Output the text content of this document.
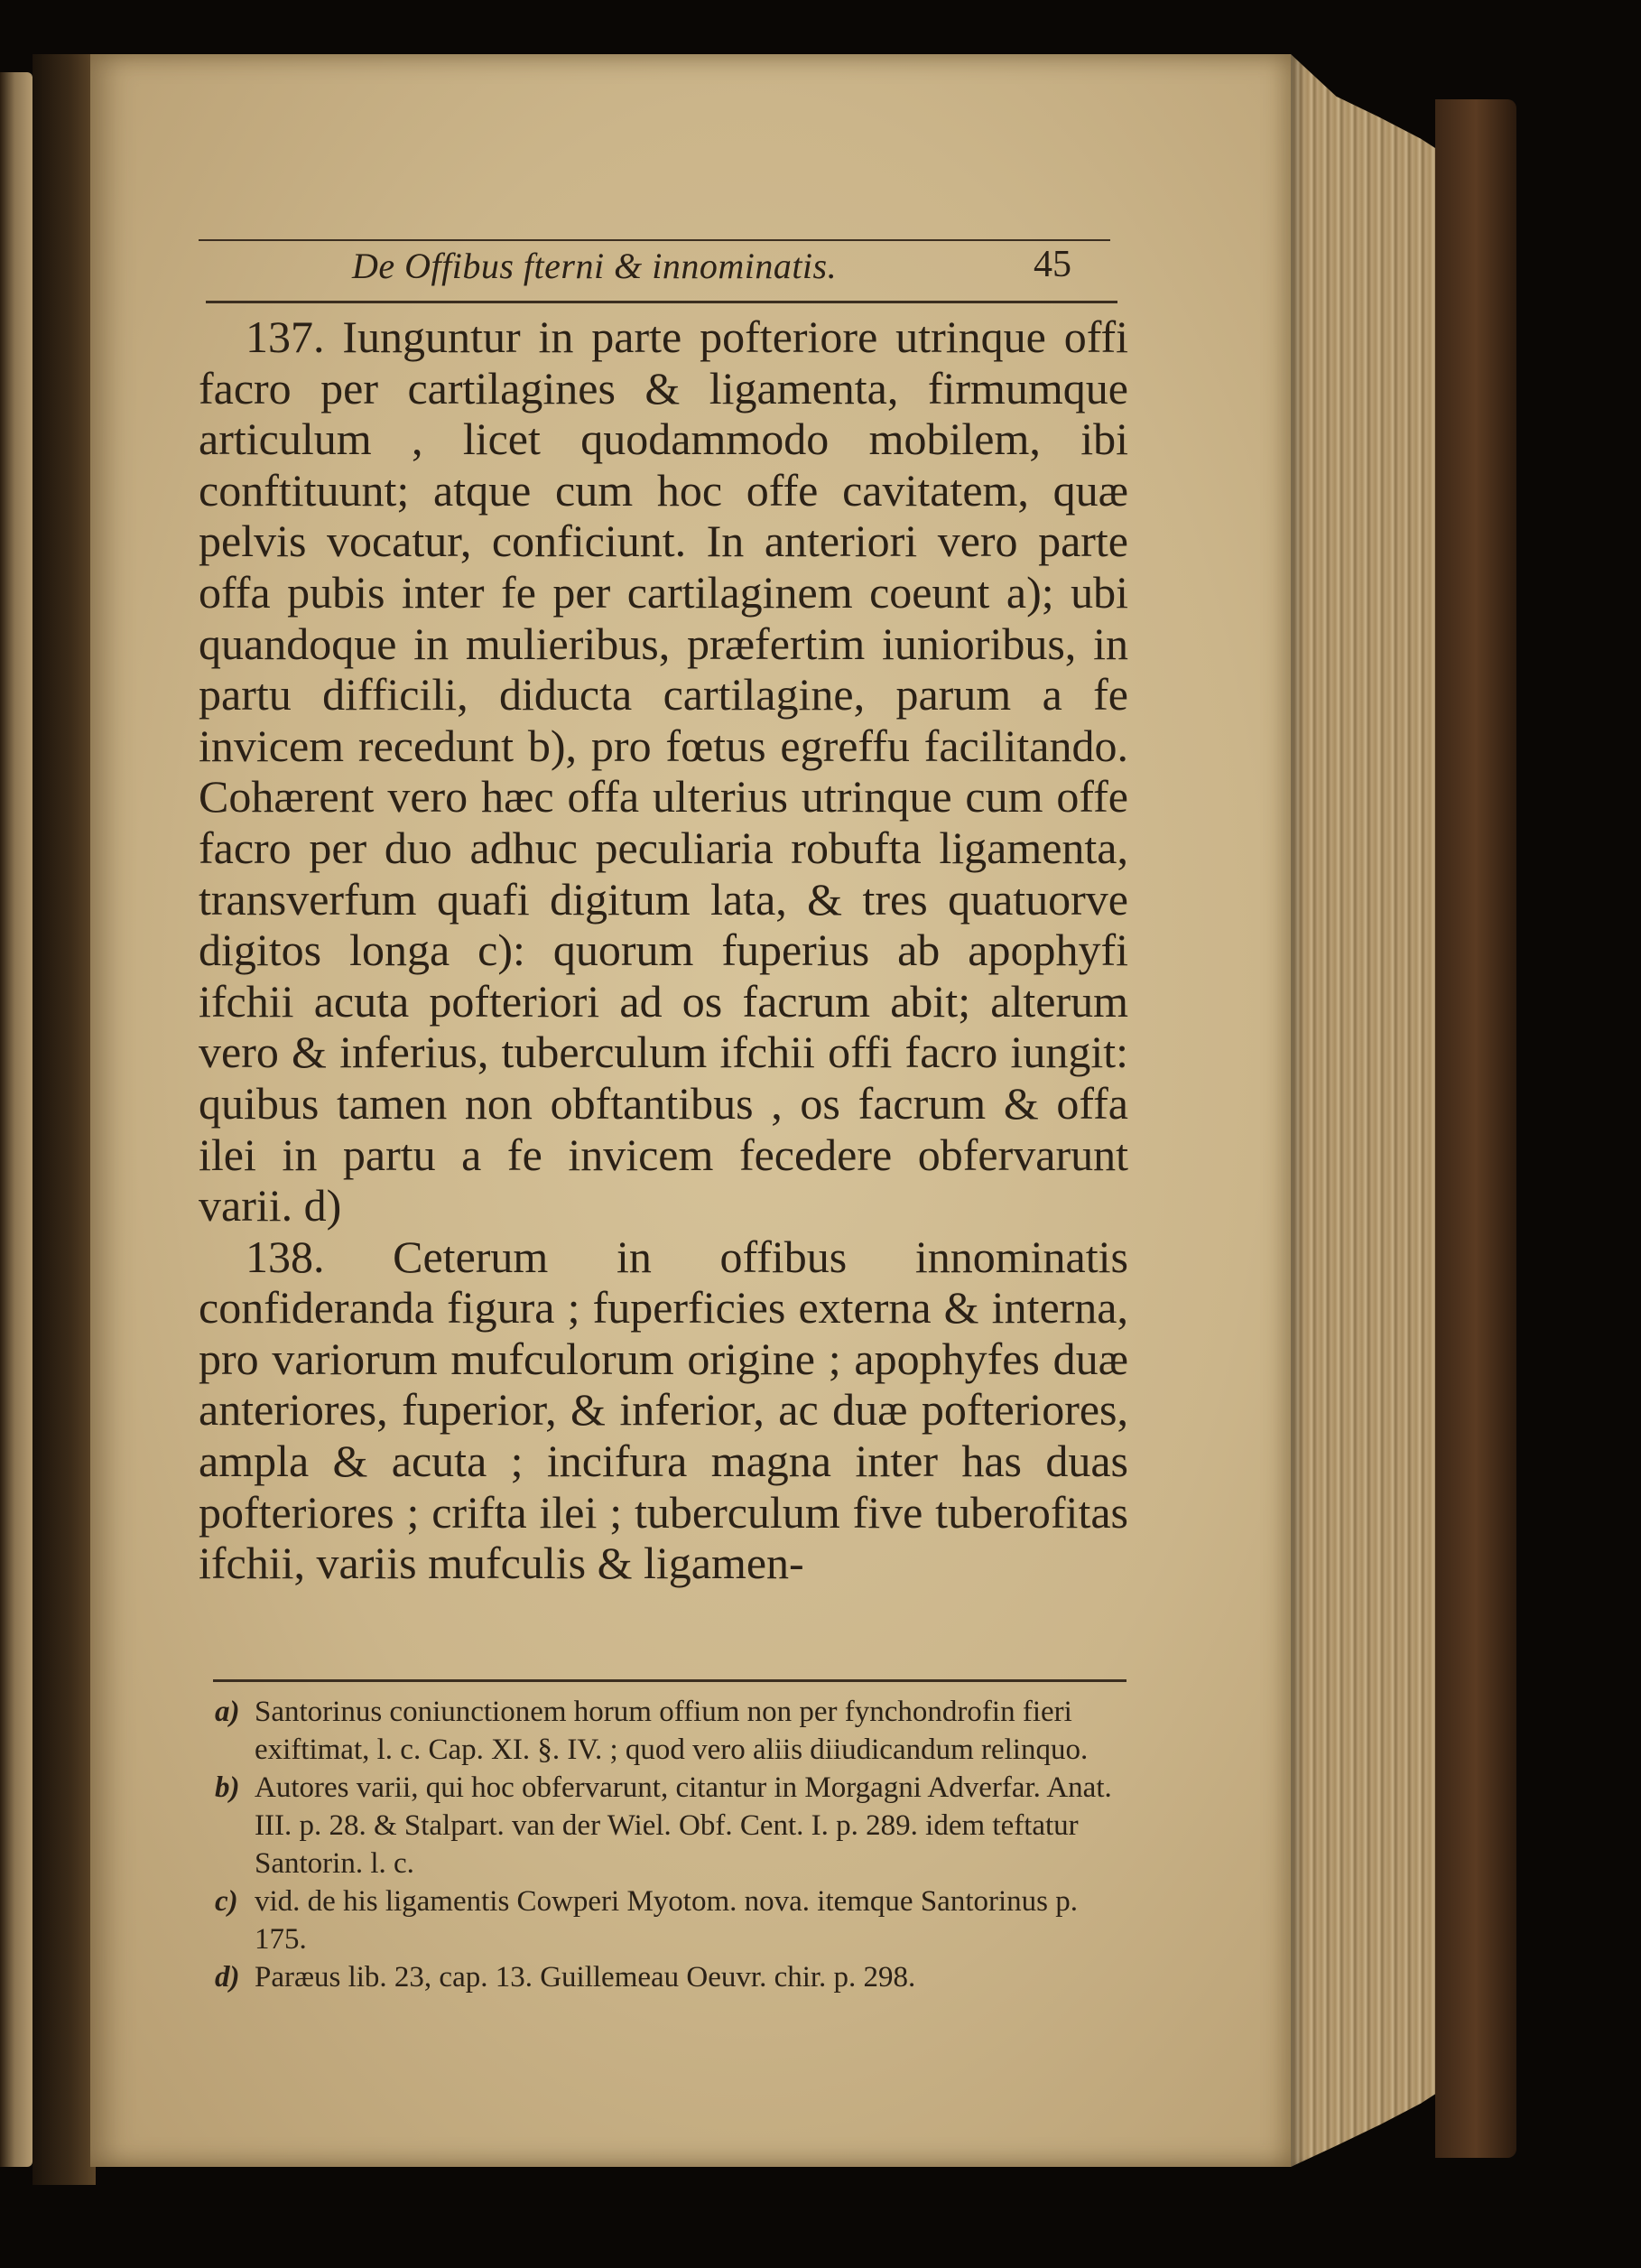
De Offibus fterni & innominatis.	45

137. Iunguntur in parte pofteriore utrinque offi facro per cartilagines & ligamenta, firmumque articulum , licet quodammodo mobilem, ibi conftituunt; atque cum hoc offe cavitatem, quæ pelvis vocatur, conficiunt. In anteriori vero parte offa pubis inter fe per cartilaginem coeunt a); ubi quandoque in mulieribus, præfertim iunioribus, in partu difficili, diducta cartilagine, parum a fe invicem recedunt b), pro fœtus egreffu facilitando. Cohærent vero hæc offa ulterius utrinque cum offe facro per duo adhuc peculiaria robufta ligamenta, transverfum quafi digitum lata, & tres quatuorve digitos longa c): quorum fuperius ab apophyfi ifchii acuta pofteriori ad os facrum abit; alterum vero & inferius, tuberculum ifchii offi facro iungit: quibus tamen non obftantibus , os facrum & offa ilei in partu a fe invicem fecedere obfervarunt varii. d)

138. Ceterum in offibus innominatis confideranda figura ; fuperficies externa & interna, pro variorum mufculorum origine ; apophyfes duæ anteriores, fuperior, & inferior, ac duæ pofteriores, ampla & acuta ; incifura magna inter has duas pofteriores ; crifta ilei ; tuberculum five tuberofitas ifchii, variis mufculis & ligamen-

a) Santorinus coniunctionem horum offium non per fynchondrofin fieri exiftimat, l. c. Cap. XI. §. IV. ; quod vero aliis diiudicandum relinquo.

b) Autores varii, qui hoc obfervarunt, citantur in Morgagni Adverfar. Anat. III. p. 28. & Stalpart. van der Wiel. Obf. Cent. I. p. 289. idem teftatur Santorin. l. c.

c) vid. de his ligamentis Cowperi Myotom. nova. itemque Santorinus p. 175.

d) Paræus lib. 23, cap. 13. Guillemeau Oeuvr. chir. p. 298.
